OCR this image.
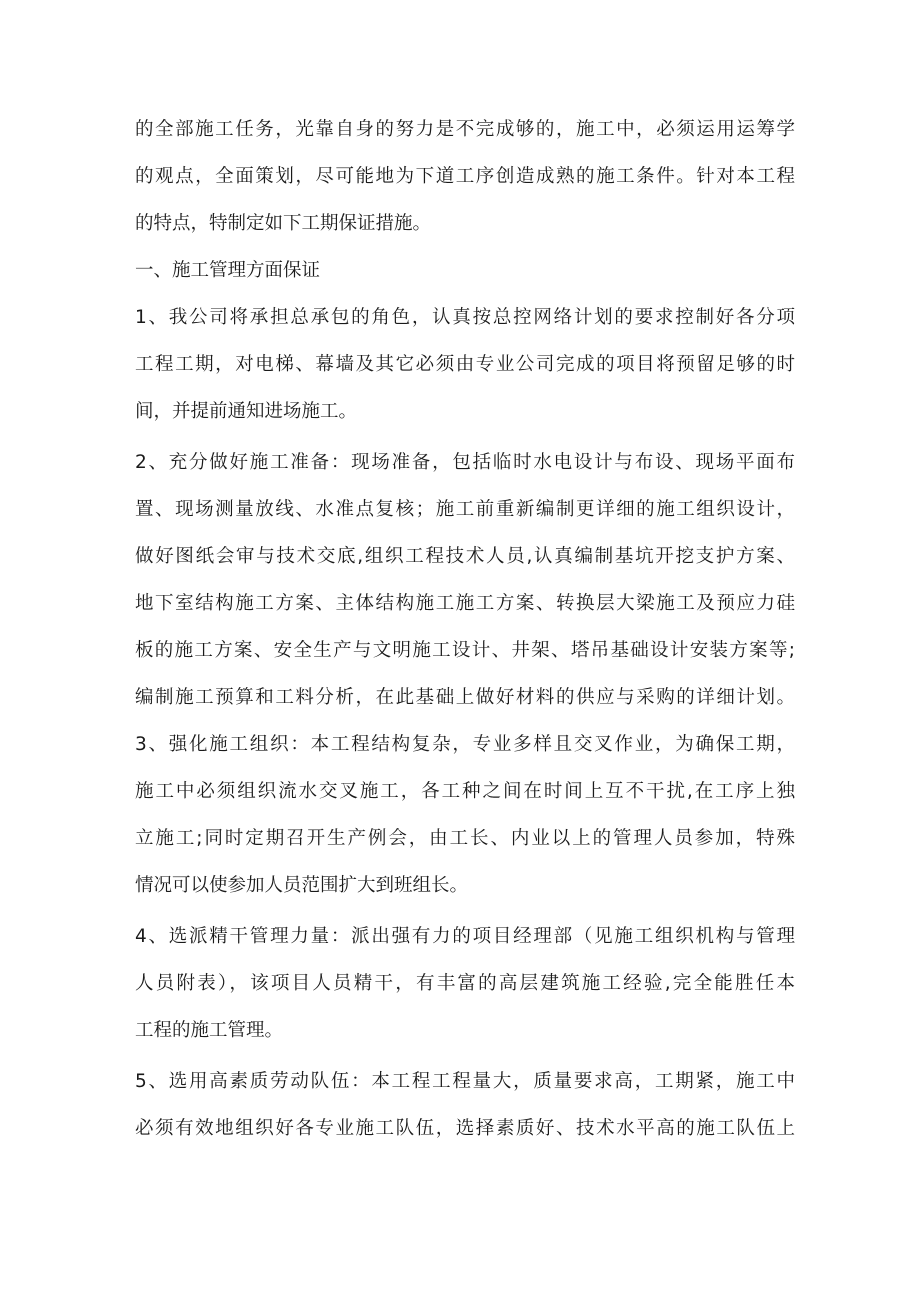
的全部施工任务，光靠自身的努力是不完成够的，施工中，必须运用运筹学
的观点，全面策划，尽可能地为下道工序创造成熟的施工条件。针对本工程
的特点，特制定如下工期保证措施。
一、施工管理方面保证
1、我公司将承担总承包的角色，认真按总控网络计划的要求控制好各分项
工程工期，对电梯、幕墙及其它必须由专业公司完成的项目将预留足够的时
间，并提前通知进场施工。
2、充分做好施工准备：现场准备，包括临时水电设计与布设、现场平面布
置、现场测量放线、水准点复核；施工前重新编制更详细的施工组织设计，
做好图纸会审与技术交底,组织工程技术人员,认真编制基坑开挖支护方案、
地下室结构施工方案、主体结构施工施工方案、转换层大梁施工及预应力硅
板的施工方案、安全生产与文明施工设计、井架、塔吊基础设计安装方案等;
编制施工预算和工料分析，在此基础上做好材料的供应与采购的详细计划。
3、强化施工组织：本工程结构复杂，专业多样且交叉作业，为确保工期，
施工中必须组织流水交叉施工，各工种之间在时间上互不干扰,在工序上独
立施工;同时定期召开生产例会，由工长、内业以上的管理人员参加，特殊
情况可以使参加人员范围扩大到班组长。
4、选派精干管理力量：派出强有力的项目经理部（见施工组织机构与管理
人员附表），该项目人员精干，有丰富的高层建筑施工经验,完全能胜任本
工程的施工管理。
5、选用高素质劳动队伍：本工程工程量大，质量要求高，工期紧，施工中
必须有效地组织好各专业施工队伍，选择素质好、技术水平高的施工队伍上
